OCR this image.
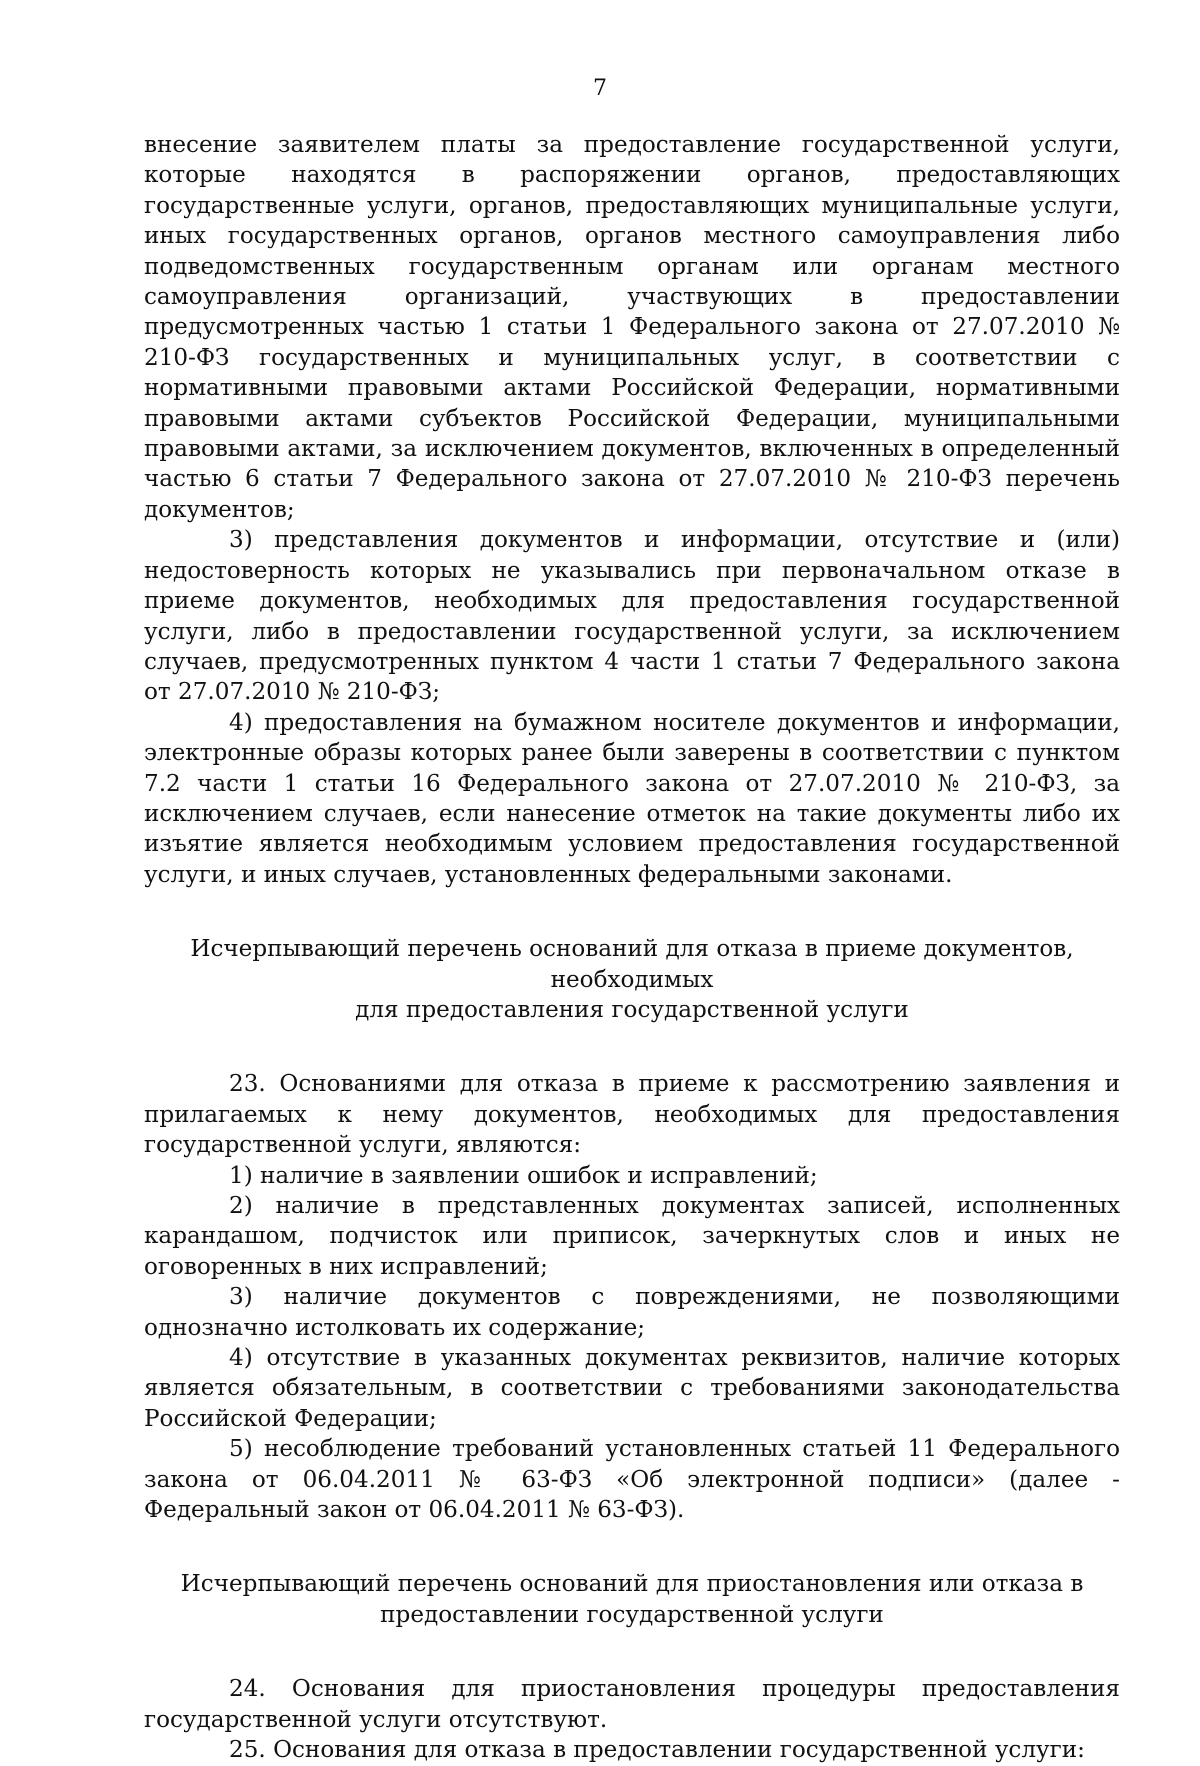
7

внесение заявителем платы за предоставление государственной услуги, которые находятся в распоряжении органов, предоставляющих государственные услуги, органов, предоставляющих муниципальные услуги, иных государственных органов, органов местного самоуправления либо подведомственных государственным органам или органам местного самоуправления организаций, участвующих в предоставлении предусмотренных частью 1 статьи 1 Федерального закона от 27.07.2010 № 210-ФЗ государственных и муниципальных услуг, в соответствии с нормативными правовыми актами Российской Федерации, нормативными правовыми актами субъектов Российской Федерации, муниципальными правовыми актами, за исключением документов, включенных в определенный частью 6 статьи 7 Федерального закона от 27.07.2010 № 210-ФЗ перечень документов;

3) представления документов и информации, отсутствие и (или) недостоверность которых не указывались при первоначальном отказе в приеме документов, необходимых для предоставления государственной услуги, либо в предоставлении государственной услуги, за исключением случаев, предусмотренных пунктом 4 части 1 статьи 7 Федерального закона от 27.07.2010 № 210-ФЗ;

4) предоставления на бумажном носителе документов и информации, электронные образы которых ранее были заверены в соответствии с пунктом 7.2 части 1 статьи 16 Федерального закона от 27.07.2010 № 210-ФЗ, за исключением случаев, если нанесение отметок на такие документы либо их изъятие является необходимым условием предоставления государственной услуги, и иных случаев, установленных федеральными законами.

Исчерпывающий перечень оснований для отказа в приеме документов, необходимых
для предоставления государственной услуги

23. Основаниями для отказа в приеме к рассмотрению заявления и прилагаемых к нему документов, необходимых для предоставления государственной услуги, являются:

1) наличие в заявлении ошибок и исправлений;

2) наличие в представленных документах записей, исполненных карандашом, подчисток или приписок, зачеркнутых слов и иных не оговоренных в них исправлений;

3) наличие документов с повреждениями, не позволяющими однозначно истолковать их содержание;

4) отсутствие в указанных документах реквизитов, наличие которых является обязательным, в соответствии с требованиями законодательства Российской Федерации;

5) несоблюдение требований установленных статьей 11 Федерального закона от 06.04.2011 № 63-ФЗ «Об электронной подписи» (далее - Федеральный закон от 06.04.2011 № 63-ФЗ).

Исчерпывающий перечень оснований для приостановления или отказа в
предоставлении государственной услуги

24. Основания для приостановления процедуры предоставления государственной услуги отсутствуют.

25. Основания для отказа в предоставлении государственной услуги:
